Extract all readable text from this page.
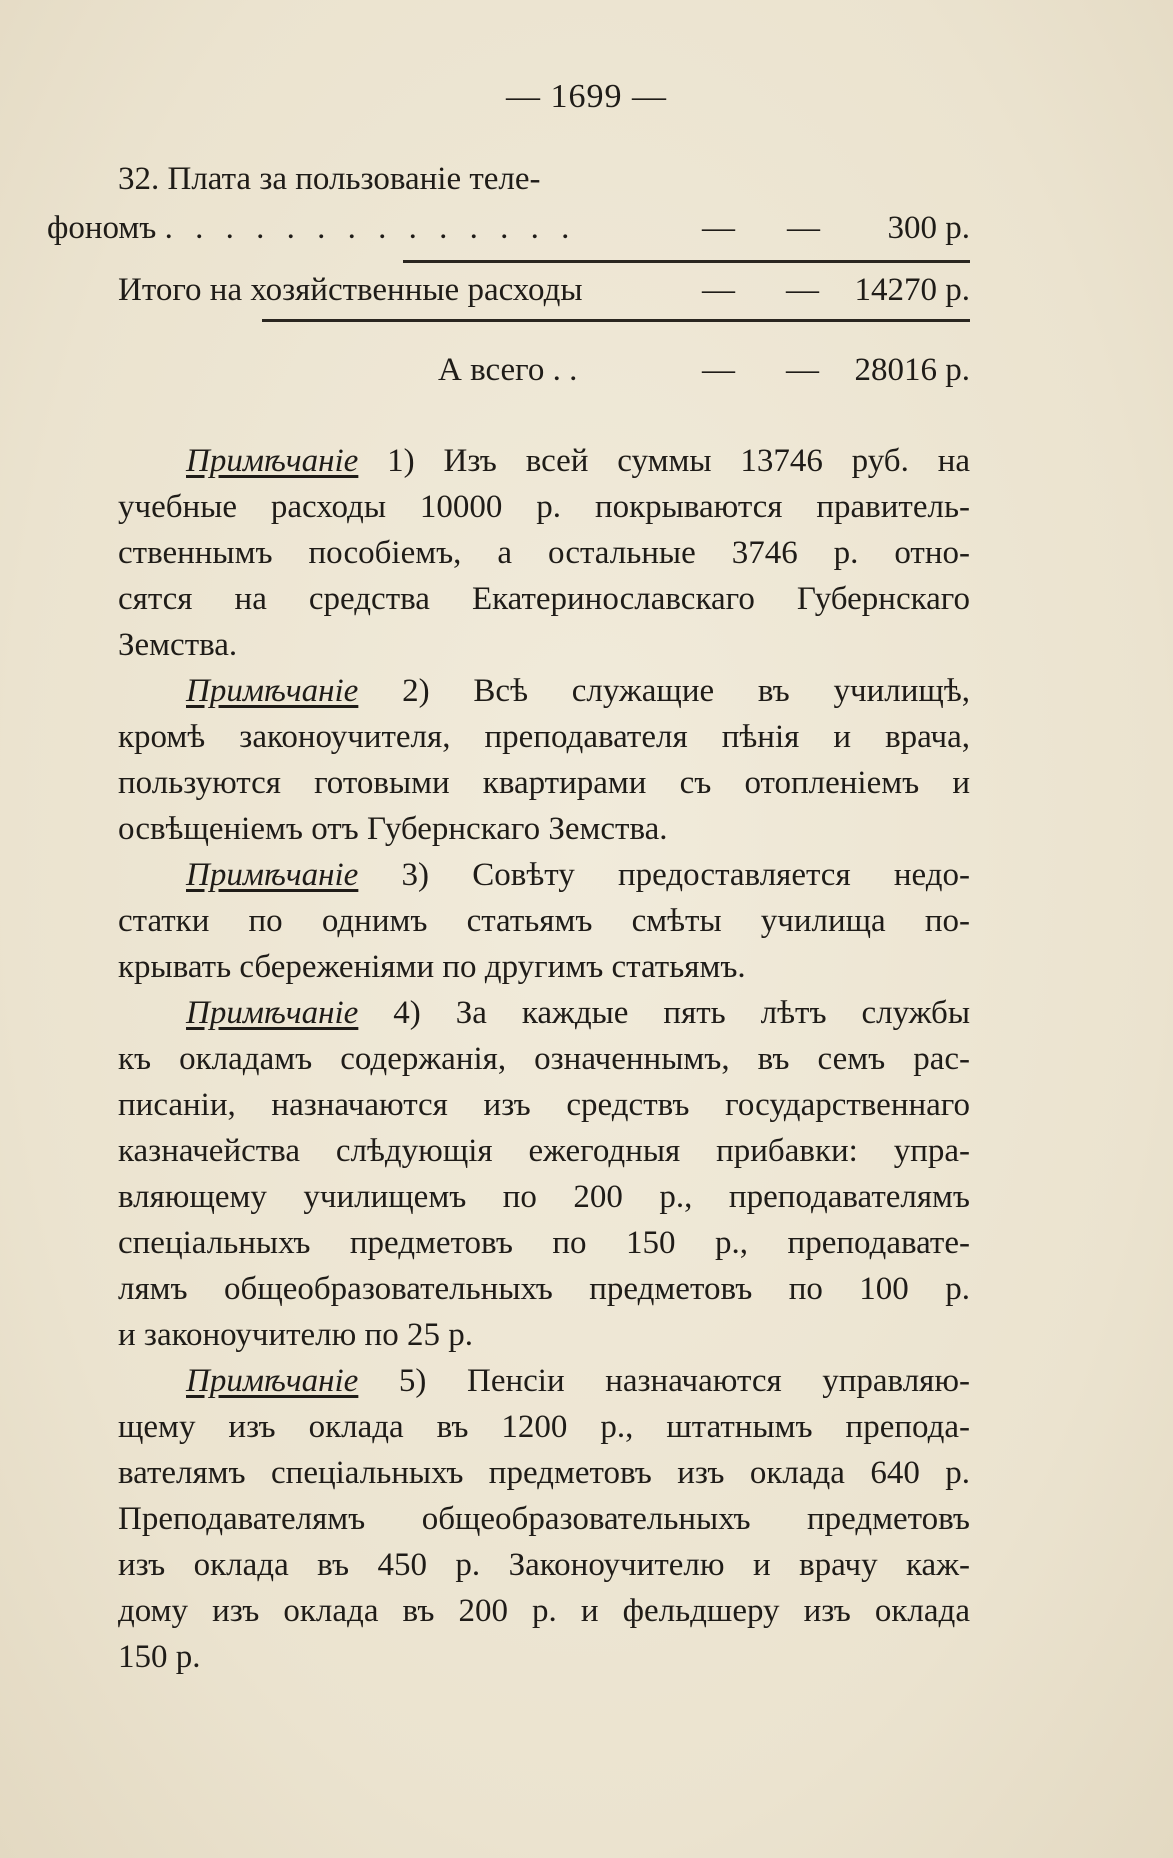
— 1699 —
32. Плата за пользованiе теле-
фономъ . . . . . . . . . . . . . .	— — 300 р.
Итого на хозяйственные расходы	— — 14270 р.
А всего . .	— — 28016 р.
Примѣчанiе 1) Изъ всей суммы 13746 руб. на
учебные расходы 10000 р. покрываются правитель-
ственнымъ пособiемъ, а остальные 3746 р. отно-
сятся на средства Екатеринославскаго Губернскаго
Земства.
Примѣчанiе 2) Всѣ служащие въ училищѣ,
кромѣ законоучителя, преподавателя пѣнiя и врача,
пользуются готовыми квартирами съ отопленiемъ и
освѣщенiемъ отъ Губернскаго Земства.
Примѣчанiе 3) Совѣту предоставляется недо-
статки по однимъ статьямъ смѣты училища по-
крывать сбереженiями по другимъ статьямъ.
Примѣчанiе 4) За каждые пять лѣтъ службы
къ окладамъ содержанiя, означеннымъ, въ семъ рас-
писанiи, назначаются изъ средствъ государственнаго
казначейства слѣдующiя ежегодныя прибавки: упра-
вляющему училищемъ по 200 р., преподавателямъ
спецiальныхъ предметовъ по 150 р., преподавате-
лямъ общеобразовательныхъ предметовъ по 100 р.
и законоучителю по 25 р.
Примѣчанiе 5) Пенсiи назначаются управляю-
щему изъ оклада въ 1200 р., штатнымъ препода-
вателямъ спецiальныхъ предметовъ изъ оклада 640 р.
Преподавателямъ общеобразовательныхъ предметовъ
изъ оклада въ 450 р. Законоучителю и врачу каж-
дому изъ оклада въ 200 р. и фельдшеру изъ оклада
150 р.
